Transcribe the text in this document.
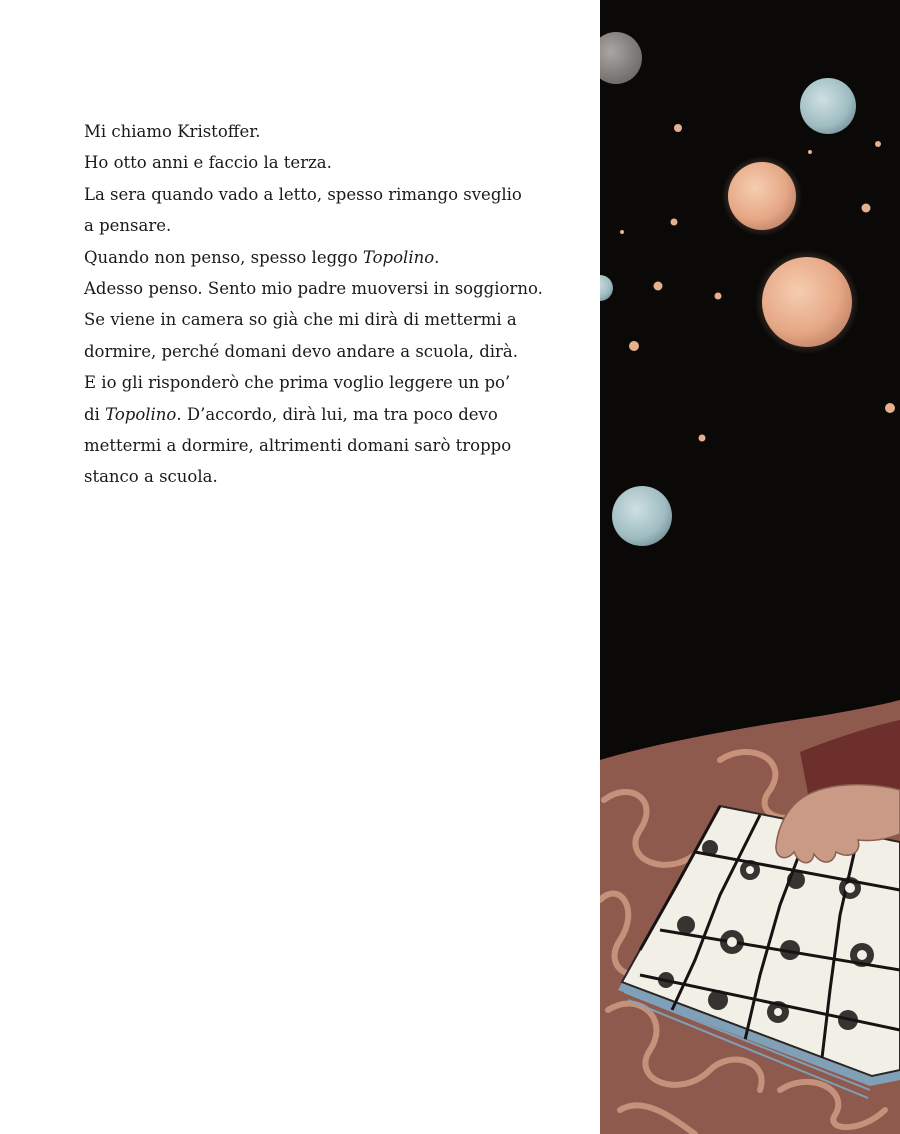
Mi chiamo Kristoffer.
Ho otto anni e faccio la terza.
La sera quando vado a letto, spesso rimango sveglio
a pensare.
Quando non penso, spesso leggo Topolino.
Adesso penso. Sento mio padre muoversi in soggiorno.
Se viene in camera so già che mi dirà di mettermi a
dormire, perché domani devo andare a scuola, dirà.
E io gli risponderò che prima voglio leggere un po’
di Topolino. D’accordo, dirà lui, ma tra poco devo
mettermi a dormire, altrimenti domani sarò troppo
stanco a scuola.
